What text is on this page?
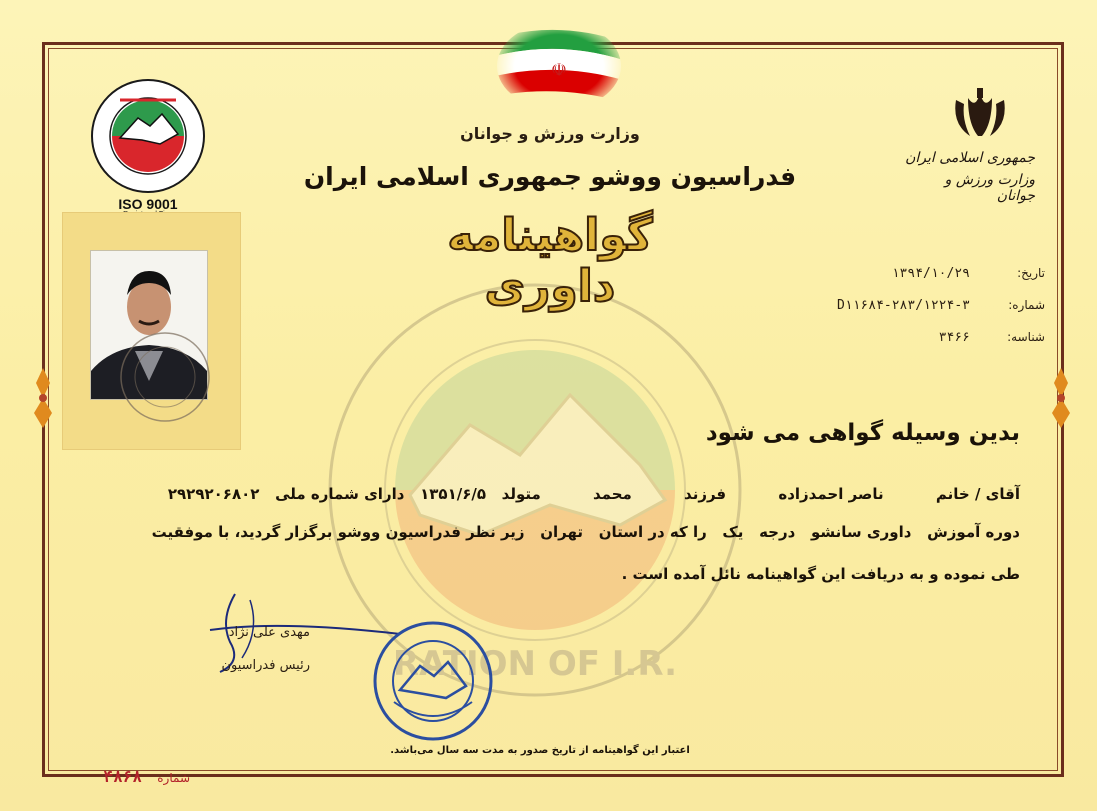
RATION OF I.R.
☫
ISO 9001
جمهوری اسلامی ایران
وزارت ورزش و جوانان
وزارت ورزش و جوانان
فدراسیون ووشو جمهوری اسلامی ایران
گواهینامه داوری	تاریخ:
۱۳۹۴/۱۰/۲۹
شماره:
D۱۱۶۸۴-۲۸۳/۱۲۲۴-۳
شناسه:
۳۴۶۶
بدین وسیله گواهی می شود
آقای / خانم          ناصر احمدزاده          فرزند          محمد          متولد   ۱۳۵۱/۶/۵   دارای شماره ملی   ۲۹۲۹۲۰۶۸۰۲
دوره آموزش   داوری سانشو   درجه   یک   را که در استان   تهران   زیر نظر فدراسیون ووشو برگزار گردید، با موفقیت
طی نموده و به دریافت این گواهینامه نائل آمده است .
مهدی علی نژاد
رئیس فدراسیون
اعتبار این گواهینامه از تاریخ صدور به مدت سه سال می‌باشد.
شماره
۴۸۶۸
